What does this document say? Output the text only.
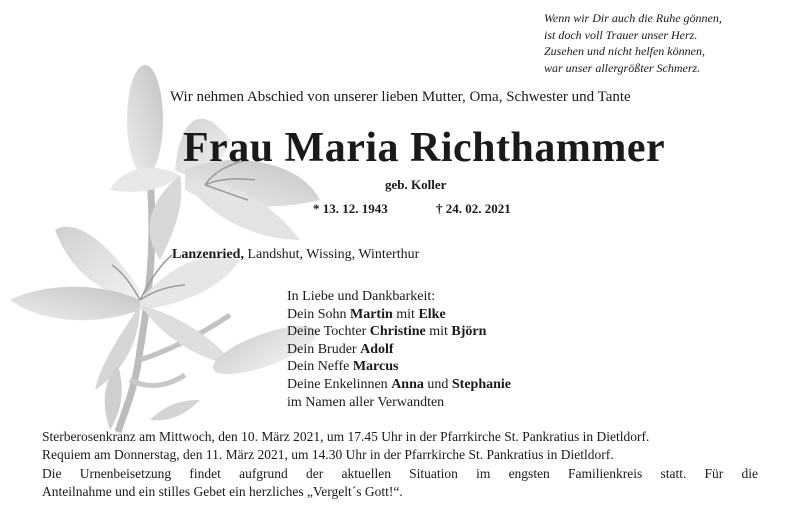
Wenn wir Dir auch die Ruhe gönnen,
ist doch voll Trauer unser Herz.
Zusehen und nicht helfen können,
war unser allergrößter Schmerz.
Wir nehmen Abschied von unserer lieben Mutter, Oma, Schwester und Tante
Frau Maria Richthammer
geb. Koller
* 13. 12. 1943	† 24. 02. 2021
Lanzenried, Landshut, Wissing, Winterthur
In Liebe und Dankbarkeit:
Dein Sohn Martin mit Elke
Deine Tochter Christine mit Björn
Dein Bruder Adolf
Dein Neffe Marcus
Deine Enkelinnen Anna und Stephanie
im Namen aller Verwandten
Sterberosenkranz am Mittwoch, den 10. März 2021, um 17.45 Uhr in der Pfarrkirche St. Pankratius in Dietldorf.
Requiem am Donnerstag, den 11. März 2021, um 14.30 Uhr in der Pfarrkirche St. Pankratius in Dietldorf.
Die Urnenbeisetzung findet aufgrund der aktuellen Situation im engsten Familienkreis statt. Für die
Anteilnahme und ein stilles Gebet ein herzliches „Vergelt´s Gott!“.
